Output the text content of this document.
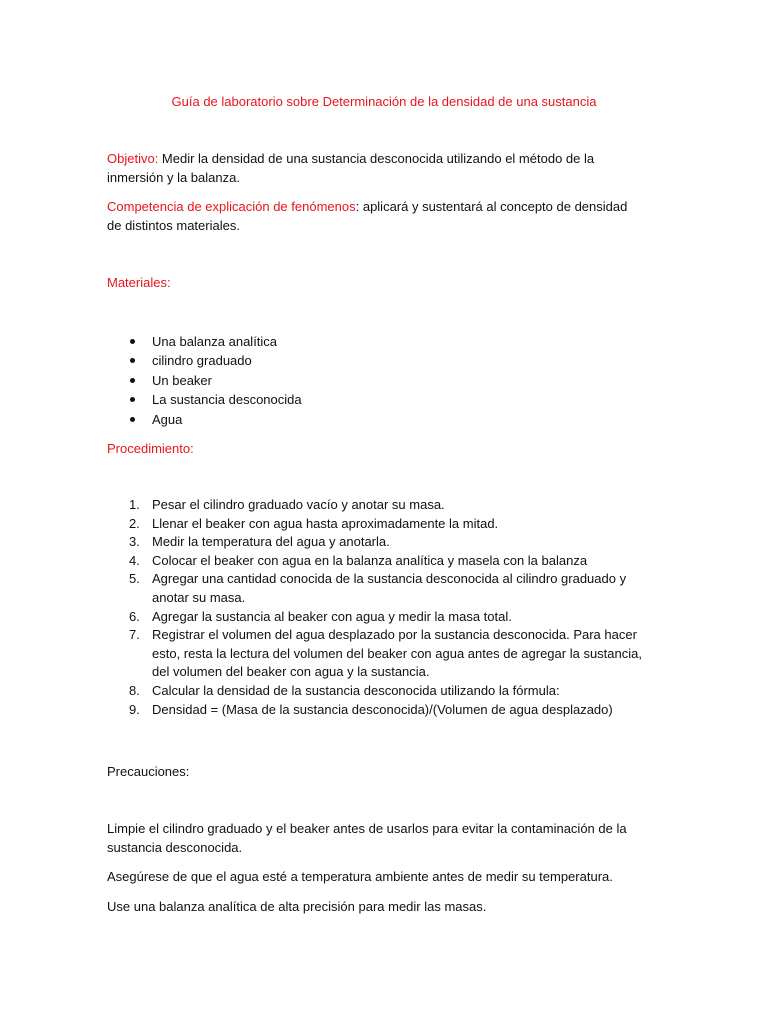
Guía de laboratorio sobre Determinación de la densidad de una sustancia
Objetivo: Medir la densidad de una sustancia desconocida utilizando el método de la inmersión y la balanza.
Competencia de explicación de fenómenos: aplicará y sustentará al concepto de densidad de distintos materiales.
Materiales:
Una balanza analítica
cilindro graduado
Un beaker
La sustancia desconocida
Agua
Procedimiento:
1. Pesar el cilindro graduado vacío y anotar su masa.
2. Llenar el beaker con agua hasta aproximadamente la mitad.
3. Medir la temperatura del agua y anotarla.
4. Colocar el beaker con agua en la balanza analítica y masela con la balanza
5. Agregar una cantidad conocida de la sustancia desconocida al cilindro graduado y anotar su masa.
6. Agregar la sustancia al beaker con agua y medir la masa total.
7. Registrar el volumen del agua desplazado por la sustancia desconocida. Para hacer esto, resta la lectura del volumen del beaker con agua antes de agregar la sustancia, del volumen del beaker con agua y la sustancia.
8. Calcular la densidad de la sustancia desconocida utilizando la fórmula:
9. Densidad = (Masa de la sustancia desconocida)/(Volumen de agua desplazado)
Precauciones:
Limpie el cilindro graduado y el beaker antes de usarlos para evitar la contaminación de la sustancia desconocida.
Asegúrese de que el agua esté a temperatura ambiente antes de medir su temperatura.
Use una balanza analítica de alta precisión para medir las masas.
